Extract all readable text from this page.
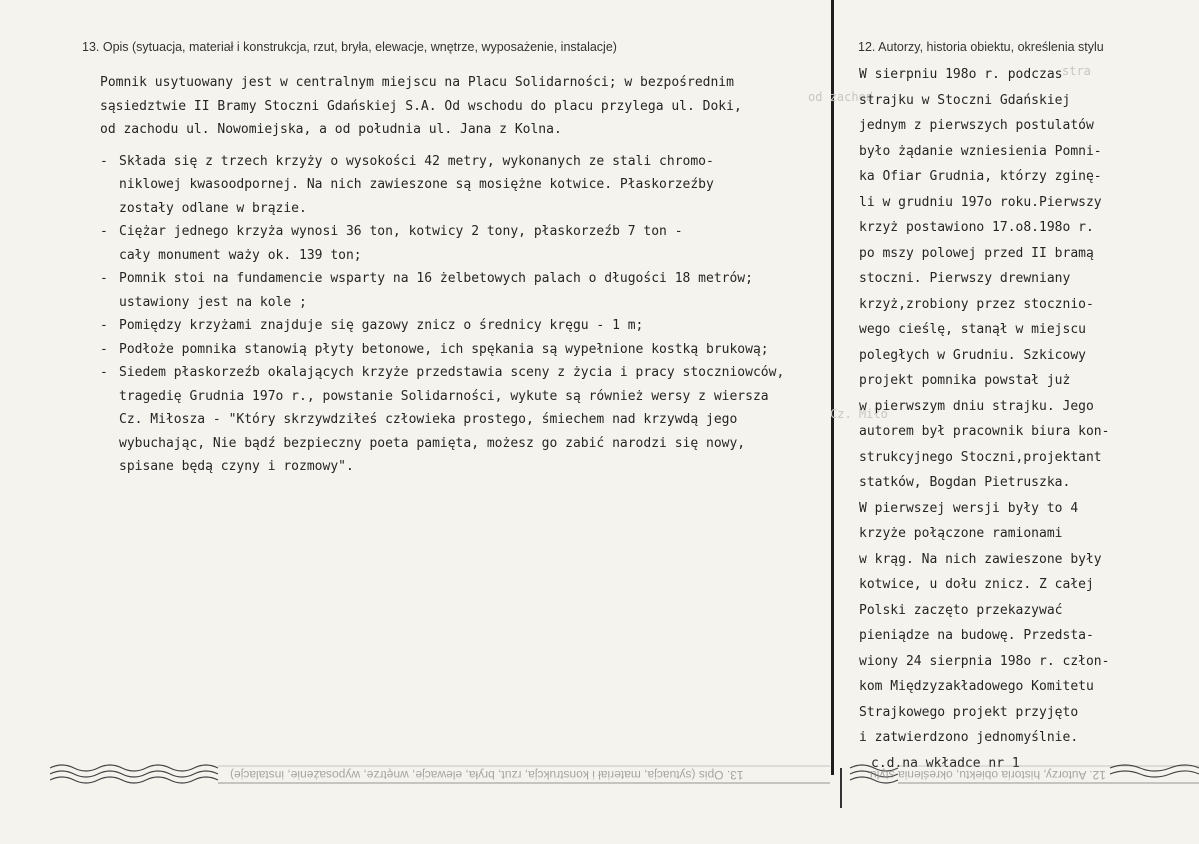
13. Opis (sytuacja, materiał i konstrukcja, rzut, bryła, elewacje, wnętrze, wyposażenie, instalacje)	12. Autorzy, historia obiektu, określenia stylu
stra
od zachod
Cz. Miło
Pomnik usytuowany jest w centralnym miejscu na Placu Solidarności; w bezpośrednim
sąsiedztwie II Bramy Stoczni Gdańskiej S.A. Od wschodu do placu przylega ul. Doki,
od zachodu ul. Nowomiejska, a od południa ul. Jana z Kolna.
- Składa się z trzech krzyży o wysokości 42 metry, wykonanych ze stali chromo-
niklowej kwasoodpornej. Na nich zawieszone są mosiężne kotwice. Płaskorzeźby
zostały odlane w brązie.
- Ciężar jednego krzyża wynosi 36 ton, kotwicy 2 tony, płaskorzeźb 7 ton -
cały monument waży ok. 139 ton;
- Pomnik stoi na fundamencie wsparty na 16 żelbetowych palach o długości 18 metrów;
ustawiony jest na kole ;
- Pomiędzy krzyżami znajduje się gazowy znicz o średnicy kręgu - 1 m;
- Podłoże pomnika stanowią płyty betonowe, ich spękania są wypełnione kostką brukową;
- Siedem płaskorzeźb okalających krzyże przedstawia sceny z życia i pracy stoczniowców,
tragedię Grudnia 197o r., powstanie Solidarności, wykute są również wersy z wiersza
Cz. Miłosza - "Który skrzywdziłeś człowieka prostego, śmiechem nad krzywdą jego
wybuchając, Nie bądź bezpieczny poeta pamięta, możesz go zabić narodzi się nowy,
spisane będą czyny i rozmowy".
W sierpniu 198o r. podczas
strajku w Stoczni Gdańskiej
jednym z pierwszych postulatów
było żądanie wzniesienia Pomni-
ka Ofiar Grudnia, którzy zginę-
li w grudniu 197o roku.Pierwszy
krzyż postawiono 17.o8.198o r.
po mszy polowej przed II bramą
stoczni. Pierwszy drewniany
krzyż,zrobiony przez stocznio-
wego cieślę, stanął w miejscu
poległych w Grudniu. Szkicowy
projekt pomnika powstał już
w pierwszym dniu strajku. Jego
autorem był pracownik biura kon-
strukcyjnego Stoczni,projektant
statków, Bogdan Pietruszka.
W pierwszej wersji były to 4
krzyże połączone ramionami
w krąg. Na nich zawieszone były
kotwice, u dołu znicz. Z całej
Polski zaczęto przekazywać
pieniądze na budowę. Przedsta-
wiony 24 sierpnia 198o r. człon-
kom Międzyzakładowego Komitetu
Strajkowego projekt przyjęto
i zatwierdzono jednomyślnie.
c.d.na wkładce nr 1
13. Opis (sytuacja, materiał i konstrukcja, rzut, bryła, elewacje, wnętrze, wyposażenie, instalacje)	12. Autorzy, historia obiektu, określenia stylu
